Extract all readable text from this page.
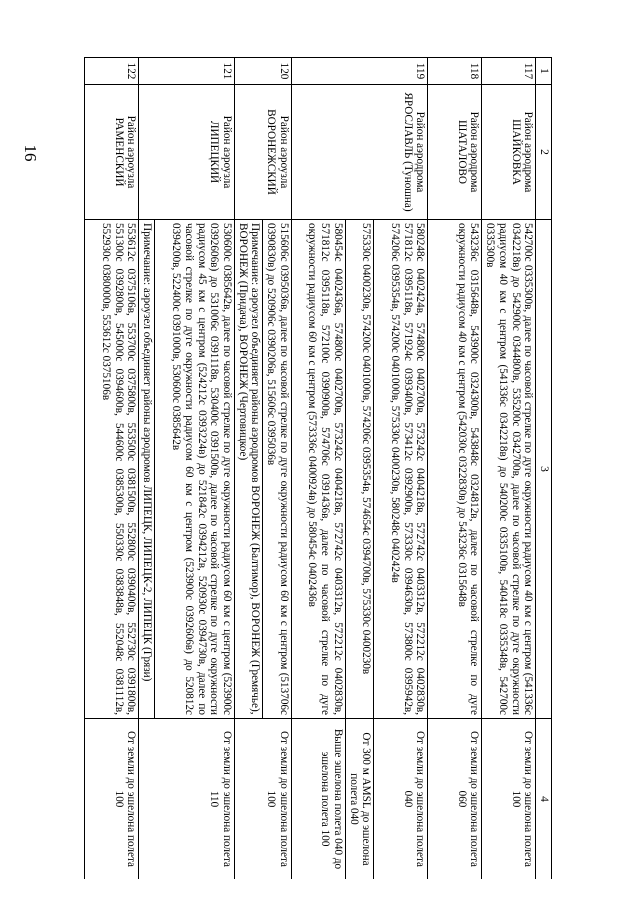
16
1	2	3	4
117	Район аэродрома ШАЙКОВКА	542700с 0335300в, далее по часовой стрелке по дуге окружности радиусом 40 км с центром (541336с 0342218в) до 542900с 0344800в, 535200с 0342700в, далее по часовой стрелке по дуге окружности радиусом 40 км с центром (541336с 0342218в) до 540200с 0335100в, 540418с 0335348в, 542700с 0335300в	От земли до эшелона полета 100
118	Район аэродрома ШАТАЛОВО	543236с 0315648в, 543900с 0324300в, 543848с 0324812в, далее по часовой стрелке по дуге окружности радиусом 40 км с центром (542030с 0322830в) до 543236с 0315648в	От земли до эшелона полета 060
119	Район аэродрома ЯРОСЛАВЛЬ (Туношна)	580248с 0402424в, 574800с 0402700в, 573242с 0404218в, 572742с 0403312в, 572212с 0402830в, 571812с 0395118в, 571924с 0393400в, 573412с 0392900в, 573330с 0394630в, 573800с 0395942в, 574206с 0395354в, 574200с 0401000в, 575330с 0400230в, 580248с 0402424в	От земли до эшелона полета 040
		575330с 0400230в, 574200с 0401000в, 574206с 0395354в, 574654с 0394700в, 575330с 0400230в	От 300 м AMSL до эшелона полета 040
		580454с 0402436в, 574800с 0402700в, 573242с 0404218в, 572742с 0403312в, 572212с 0402830в, 571812с 0395118в, 572100с 0390900в, 574706с 0391436в, далее по часовой стрелке по дуге окружности радиусом 60 км с центром (573336с 0400924в) до 580454с 0402436в	Выше эшелона полета 040 до эшелона полета 100
120	Район аэроузла ВОРОНЕЖСКИЙ	515606с 0395036в, далее по часовой стрелке по дуге окружности радиусом 60 км с центром (513706с 0390830в) до 520906с 0390206в, 515606с 0395036в	От земли до эшелона полета 100
		Примечание: аэроузел объединяет районы аэродромов ВОРОНЕЖ (Балтимор), ВОРОНЕЖ (Гремячье), ВОРОНЕЖ (Придача), ВОРОНЕЖ (Чертовицкое)	
121	Район аэроузла ЛИПЕЦКИЙ	530600с 0385642в, далее по часовой стрелке по дуге окружности радиусом 60 км с центром (523900с 0392606в) до 531006с 0391118в, 530400с 0391500в, далее по часовой стрелке по дуге окружности радиусом 45 км с центром (524212с 0393224в) до 521842с 0394212в, 520930с 0394730в, далее по часовой стрелке по дуге окружности радиусом 60 км с центром (523900с 0392606в) до 520812с 0394200в, 522400с 0391000в, 530600с 0385642в	От земли до эшелона полета 110
		Примечание: аэроузел объединяет районы аэродромов ЛИПЕЦК, ЛИПЕЦК-2, ЛИПЕЦК (Грязи)	
122	Район аэроузла РАМЕНСКИЙ	553612с 0375106в, 553700с 0375800в, 553500с 0381500в, 552800с 0390400в, 552730с 0391800в, 551300с 0392800в, 545000с 0394600в, 544600с 0385300в, 550330с 0383848в, 552048с 0381112в, 552930с 0380000в, 553612с 0375106в	От земли до эшелона полета 100
